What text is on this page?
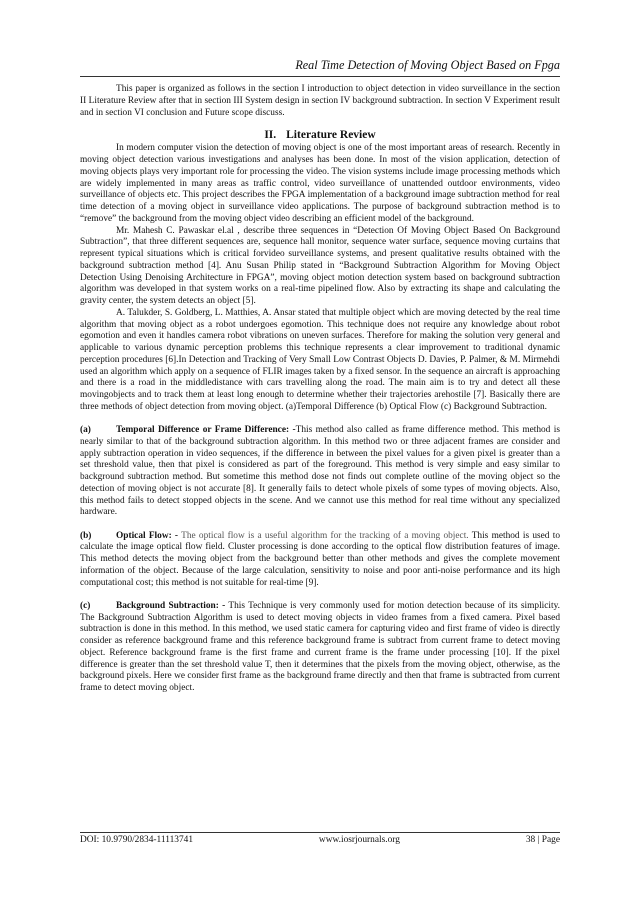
Real Time Detection of Moving Object Based on Fpga

This paper is organized as follows in the section I introduction to object detection in video surveillance in the section II Literature Review after that in section III System design in section IV background subtraction. In section V Experiment result and in section VI conclusion and Future scope discuss.

II. Literature Review

In modern computer vision the detection of moving object is one of the most important areas of research. Recently in moving object detection various investigations and analyses has been done. In most of the vision application, detection of moving objects plays very important role for processing the video. The vision systems include image processing methods which are widely implemented in many areas as traffic control, video surveillance of unattended outdoor environments, video surveillance of objects etc. This project describes the FPGA implementation of a background image subtraction method for real time detection of a moving object in surveillance video applications. The purpose of background subtraction method is to “remove” the background from the moving object video describing an efficient model of the background.

Mr. Mahesh C. Pawaskar el.al , describe three sequences in “Detection Of Moving Object Based On Background Subtraction”, that three different sequences are, sequence hall monitor, sequence water surface, sequence moving curtains that represent typical situations which is critical forvideo surveillance systems, and present qualitative results obtained with the background subtraction method [4]. Anu Susan Philip stated in “Background Subtraction Algorithm for Moving Object Detection Using Denoising Architecture in FPGA”, moving object motion detection system based on background subtraction algorithm was developed in that system works on a real-time pipelined flow. Also by extracting its shape and calculating the gravity center, the system detects an object [5].

A. Talukder, S. Goldberg, L. Matthies, A. Ansar stated that multiple object which are moving detected by the real time algorithm that moving object as a robot undergoes egomotion. This technique does not require any knowledge about robot egomotion and even it handles camera robot vibrations on uneven surfaces. Therefore for making the solution very general and applicable to various dynamic perception problems this technique represents a clear improvement to traditional dynamic perception procedures [6].In Detection and Tracking of Very Small Low Contrast Objects D. Davies, P. Palmer, & M. Mirmehdi used an algorithm which apply on a sequence of FLIR images taken by a fixed sensor. In the sequence an aircraft is approaching and there is a road in the middledistance with cars travelling along the road. The main aim is to try and detect all these movingobjects and to track them at least long enough to determine whether their trajectories arehostile [7]. Basically there are three methods of object detection from moving object. (a)Temporal Difference (b) Optical Flow (c) Background Subtraction.

(a)	Temporal Difference or Frame Difference: -This method also called as frame difference method. This method is nearly similar to that of the background subtraction algorithm. In this method two or three adjacent frames are consider and apply subtraction operation in video sequences, if the difference in between the pixel values for a given pixel is greater than a set threshold value, then that pixel is considered as part of the foreground. This method is very simple and easy similar to background subtraction method. But sometime this method dose not finds out complete outline of the moving object so the detection of moving object is not accurate [8]. It generally fails to detect whole pixels of some types of moving objects. Also, this method fails to detect stopped objects in the scene. And we cannot use this method for real time without any specialized hardware.

(b)	Optical Flow: - The optical flow is a useful algorithm for the tracking of a moving object. This method is used to calculate the image optical flow field. Cluster processing is done according to the optical flow distribution features of image. This method detects the moving object from the background better than other methods and gives the complete movement information of the object. Because of the large calculation, sensitivity to noise and poor anti-noise performance and its high computational cost; this method is not suitable for real-time [9].

(c)	Background Subtraction: - This Technique is very commonly used for motion detection because of its simplicity. The Background Subtraction Algorithm is used to detect moving objects in video frames from a fixed camera. Pixel based subtraction is done in this method. In this method, we used static camera for capturing video and first frame of video is directly consider as reference background frame and this reference background frame is subtract from current frame to detect moving object. Reference background frame is the first frame and current frame is the frame under processing [10]. If the pixel difference is greater than the set threshold value T, then it determines that the pixels from the moving object, otherwise, as the background pixels. Here we consider first frame as the background frame directly and then that frame is subtracted from current frame to detect moving object.

DOI: 10.9790/2834-11113741	www.iosrjournals.org	38 | Page
